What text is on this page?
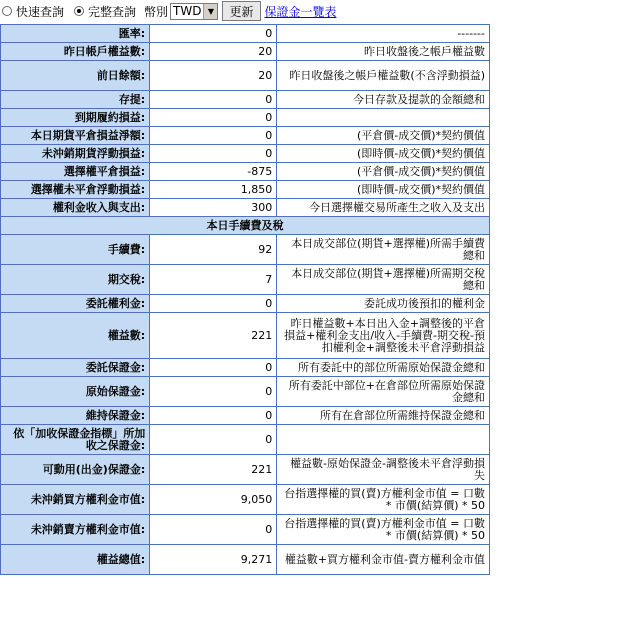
快速查詢 完整查詢 幣別 TWD ▼	更新 保證金一覽表
匯率:	0	-------
昨日帳戶權益數:	20	昨日收盤後之帳戶權益數
前日餘額:	20	昨日收盤後之帳戶權益數(不含浮動損益)
存提:	0	今日存款及提款的金額總和
到期履約損益:	0	
本日期貨平倉損益淨額:	0	(平倉價-成交價)*契約價值
未沖銷期貨浮動損益:	0	(即時價-成交價)*契約價值
選擇權平倉損益:	-875	(平倉價-成交價)*契約價值
選擇權未平倉浮動損益:	1,850	(即時價-成交價)*契約價值
權利金收入與支出:	300	今日選擇權交易所產生之收入及支出
本日手續費及稅		
手續費:	92	本日成交部位(期貨+選擇權)所需手續費總和
期交稅:	7	本日成交部位(期貨+選擇權)所需期交稅總和
委託權利金:	0	委託成功後預扣的權利金
權益數:	221	昨日權益數+本日出入金+調整後的平倉損益+權利金支出/收入-手續費-期交稅-預扣權利金+調整後未平倉浮動損益
委託保證金:	0	所有委託中的部位所需原始保證金總和
原始保證金:	0	所有委託中部位+在倉部位所需原始保證金總和
維持保證金:	0	所有在倉部位所需維持保證金總和
依「加收保證金指標」所加收之保證金:	0	
可動用(出金)保證金:	221	權益數-原始保證金-調整後未平倉浮動損失
未沖銷買方權利金市值:	9,050	台指選擇權的買(賣)方權利金市值 = 口數 * 市價(結算價) * 50
未沖銷賣方權利金市值:	0	台指選擇權的買(賣)方權利金市值 = 口數 * 市價(結算價) * 50
權益總值:	9,271	權益數+買方權利金市值-賣方權利金市值
